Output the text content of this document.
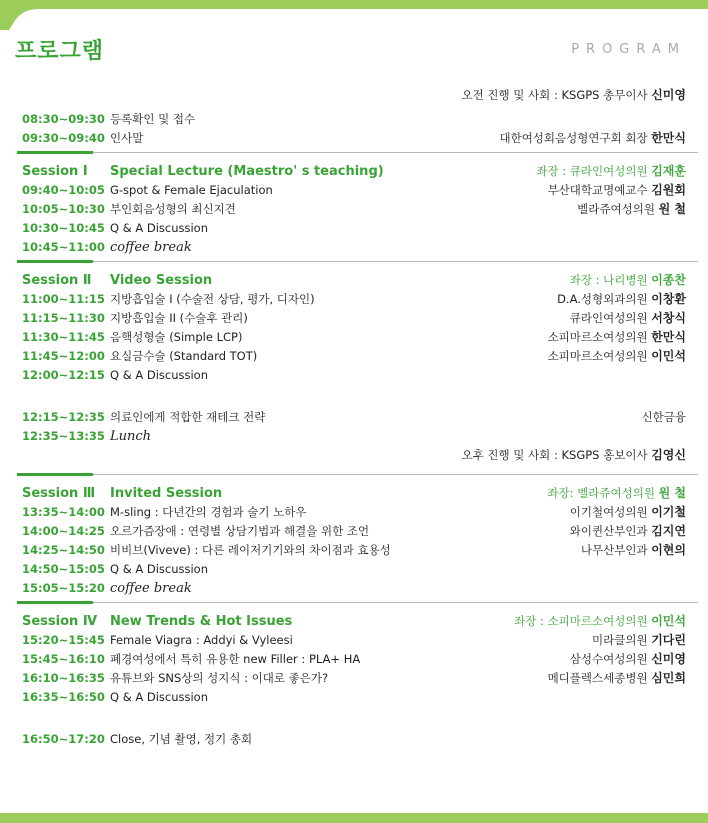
프로그램	PROGRAM
오전 진행 및 사회 : KSGPS 총무이사 신미영
08:30~09:30 등록확인 및 접수
09:30~09:40 인사말	대한여성회음성형연구회 회장 한만식
Session Ⅰ Special Lecture (Maestro' s teaching)	좌장 : 큐라인여성의원 김재훈
09:40~10:05 G-spot & Female Ejaculation	부산대학교명예교수 김원회
10:05~10:30 부인회음성형의 최신지견	벨라쥬여성의원 원 철
10:30~10:45 Q & A Discussion
10:45~11:00 coffee break
Session Ⅱ Video Session	좌장 : 나리병원 이종찬
11:00~11:15 지방흡입술 I (수술전 상담, 평가, 디자인)	D.A.성형외과의원 이창환
11:15~11:30 지방흡입술 II (수술후 관리)	큐라인여성의원 서창식
11:30~11:45 음핵성형술 (Simple LCP)	소피마르소여성의원 한만식
11:45~12:00 요실금수술 (Standard TOT)	소피마르소여성의원 이민석
12:00~12:15 Q & A Discussion
12:15~12:35 의료인에게 적합한 재테크 전략	신한금융
12:35~13:35 Lunch
오후 진행 및 사회 : KSGPS 홍보이사 김영신
Session Ⅲ Invited Session	좌장: 벨라쥬여성의원 원 철
13:35~14:00 M-sling : 다년간의 경험과 술기 노하우	이기철여성의원 이기철
14:00~14:25 오르가즘장애 : 연령별 상담기법과 해결을 위한 조언	와이퀸산부인과 김지연
14:25~14:50 비비브(Viveve) : 다른 레이저기기와의 차이점과 효용성	나무산부인과 이현의
14:50~15:05 Q & A Discussion
15:05~15:20 coffee break
Session Ⅳ New Trends & Hot Issues	좌장 : 소피마르소여성의원 이민석
15:20~15:45 Female Viagra : Addyi & Vyleesi	미라클의원 기다린
15:45~16:10 폐경여성에서 특히 유용한 new Filler : PLA+ HA	삼성수여성의원 신미영
16:10~16:35 유튜브와 SNS상의 성지식 : 이대로 좋은가?	메디플렉스세종병원 심민희
16:35~16:50 Q & A Discussion
16:50~17:20 Close, 기념 촬영, 정기 총회
